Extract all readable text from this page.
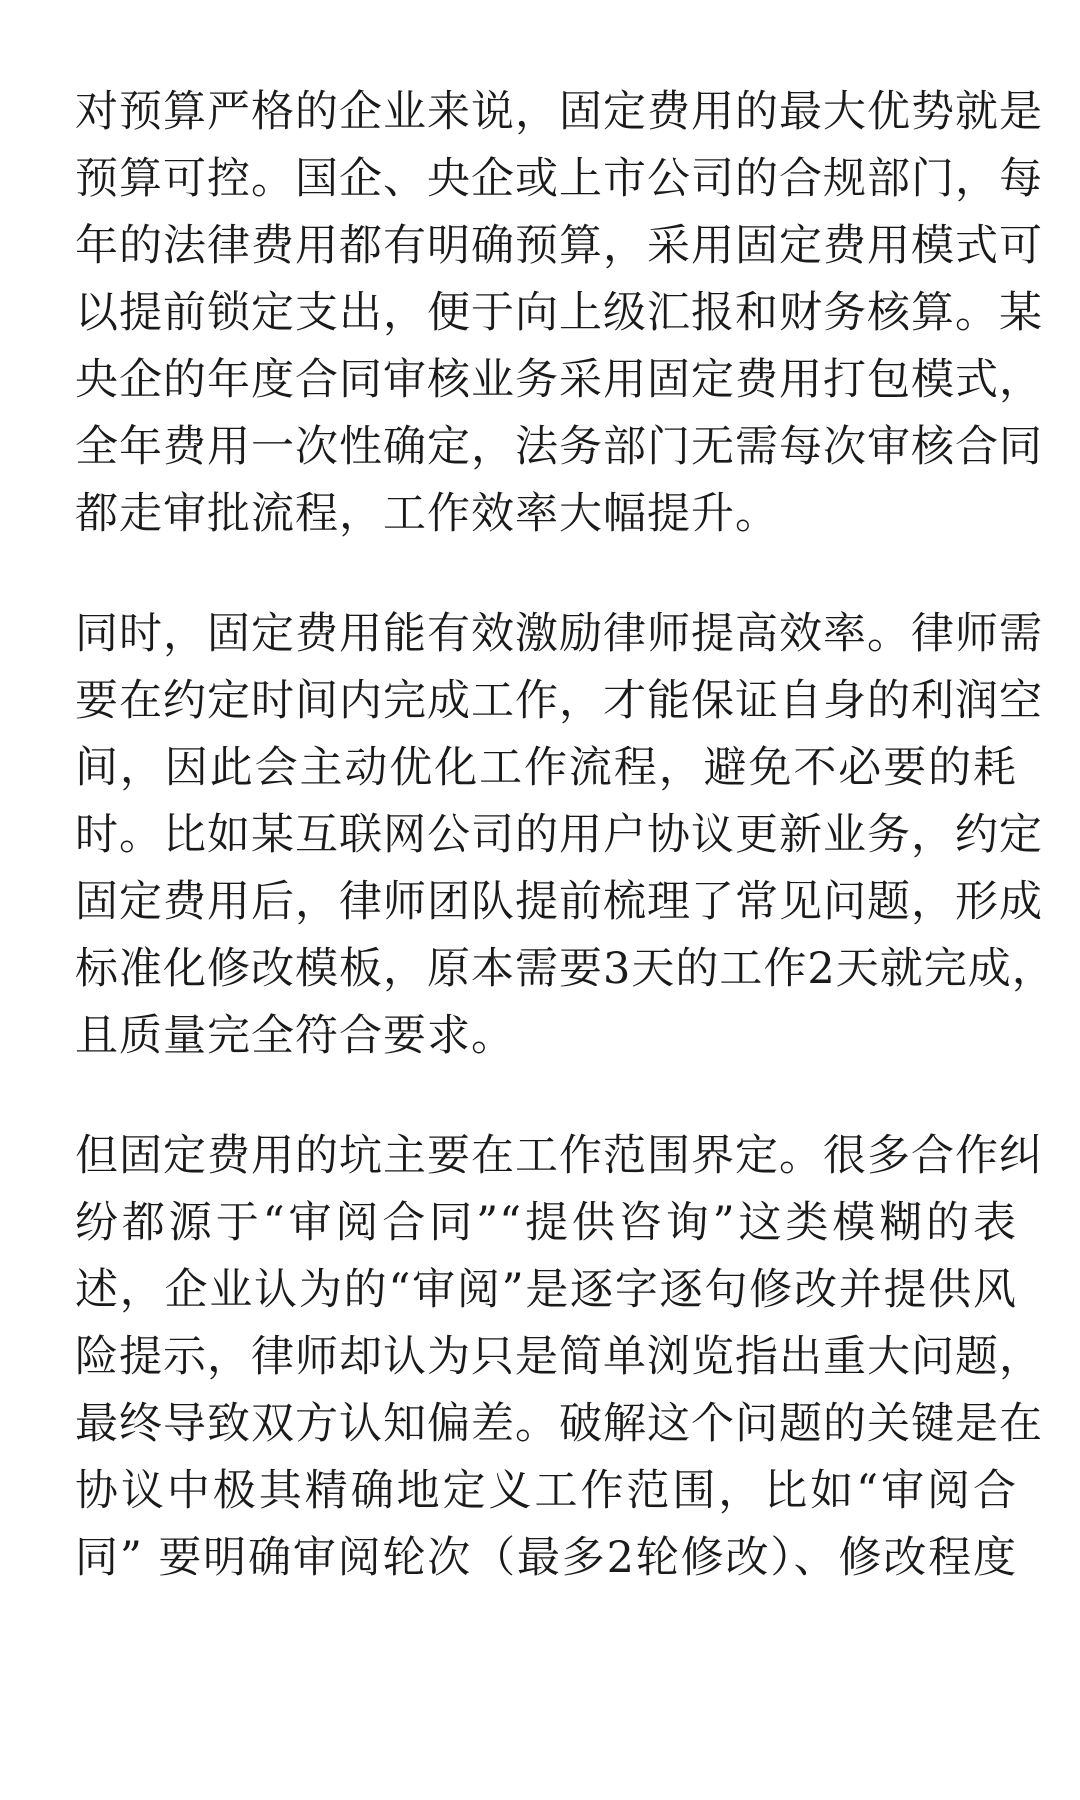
对预算严格的企业来说，固定费用的最大优势就是
预算可控。国企、央企或上市公司的合规部门，每
年的法律费用都有明确预算，采用固定费用模式可
以提前锁定支出，便于向上级汇报和财务核算。某
央企的年度合同审核业务采用固定费用打包模式，
全年费用一次性确定，法务部门无需每次审核合同
都走审批流程，工作效率大幅提升。
同时，固定费用能有效激励律师提高效率。律师需
要在约定时间内完成工作，才能保证自身的利润空
间，因此会主动优化工作流程，避免不必要的耗
时。比如某互联网公司的用户协议更新业务，约定
固定费用后，律师团队提前梳理了常见问题，形成
标准化修改模板，原本需要3天的工作2天就完成，
且质量完全符合要求。
但固定费用的坑主要在工作范围界定。很多合作纠
纷都源于“审阅合同”“提供咨询”这类模糊的表
述，企业认为的“审阅”是逐字逐句修改并提供风
险提示，律师却认为只是简单浏览指出重大问题，
最终导致双方认知偏差。破解这个问题的关键是在
协议中极其精确地定义工作范围，比如“审阅合
同” 要明确审阅轮次（最多2轮修改）、修改程度
